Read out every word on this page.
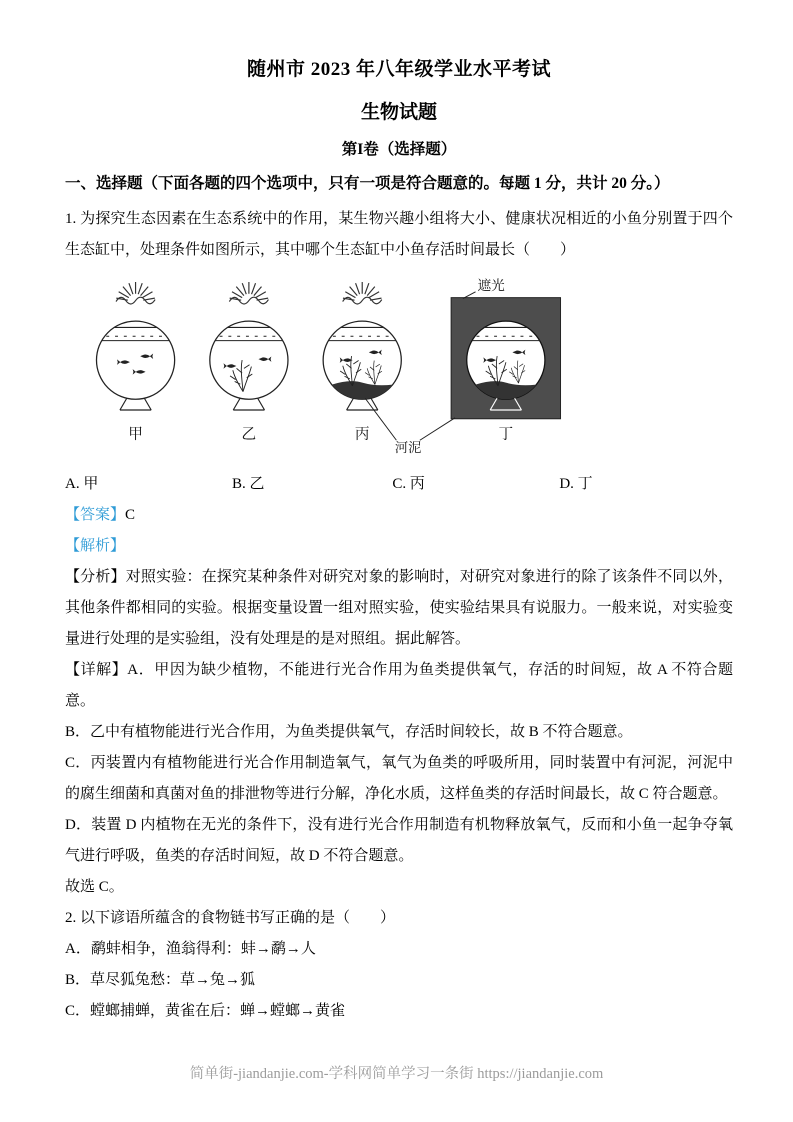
随州市 2023 年八年级学业水平考试
生物试题
第I卷（选择题）
一、选择题（下面各题的四个选项中，只有一项是符合题意的。每题 1 分，共计 20 分。）

1. 为探究生态因素在生态系统中的作用，某生物兴趣小组将大小、健康状况相近的小鱼分别置于四个生态缸中，处理条件如图所示，其中哪个生态缸中小鱼存活时间最长（　　）

遮光
甲	乙	丙	丁
河泥
A. 甲	B. 乙	C. 丙	D. 丁

【答案】C

【解析】

【分析】对照实验：在探究某种条件对研究对象的影响时，对研究对象进行的除了该条件不同以外，其他条件都相同的实验。根据变量设置一组对照实验，使实验结果具有说服力。一般来说，对实验变量进行处理的是实验组，没有处理是的是对照组。据此解答。

【详解】A．甲因为缺少植物，不能进行光合作用为鱼类提供氧气，存活的时间短，故 A 不符合题意。

B．乙中有植物能进行光合作用，为鱼类提供氧气，存活时间较长，故 B 不符合题意。

C．丙装置内有植物能进行光合作用制造氧气，氧气为鱼类的呼吸所用，同时装置中有河泥，河泥中的腐生细菌和真菌对鱼的排泄物等进行分解，净化水质，这样鱼类的存活时间最长，故 C 符合题意。

D．装置 D 内植物在无光的条件下，没有进行光合作用制造有机物释放氧气，反而和小鱼一起争夺氧气进行呼吸，鱼类的存活时间短，故 D 不符合题意。

故选 C。

2. 以下谚语所蕴含的食物链书写正确的是（　　）

A．鹬蚌相争，渔翁得利：蚌→鹬→人

B．草尽狐兔愁：草→兔→狐

C．螳螂捕蝉，黄雀在后：蝉→螳螂→黄雀

简单街-jiandanjie.com-学科网简单学习一条街 https://jiandanjie.com
